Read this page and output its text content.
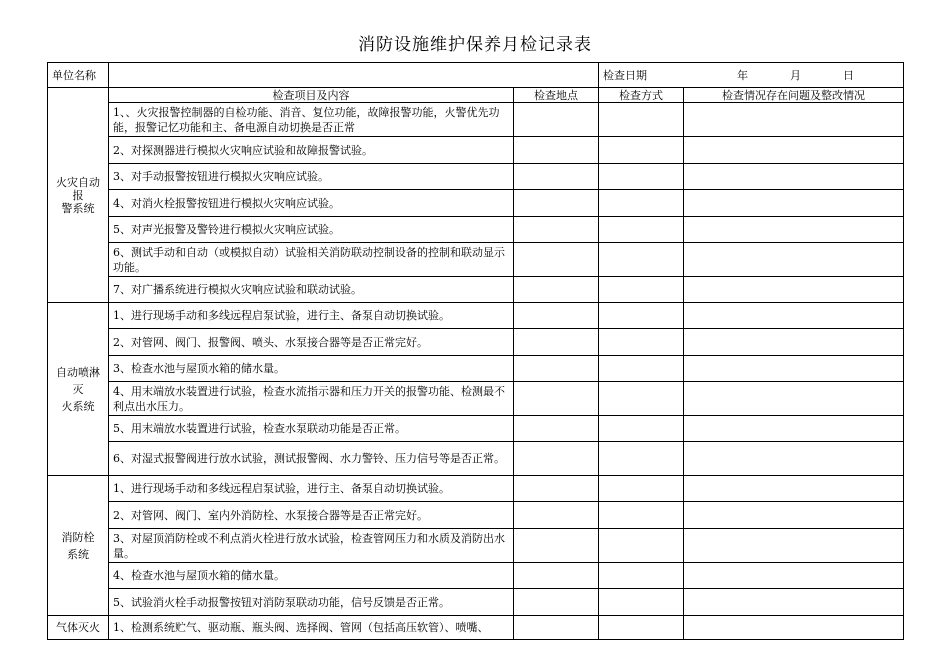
消防设施维护保养月检记录表
单位名称			检查日期 年 月 日	

火灾自动
报
警系统	检查项目及内容	检查地点	检查方式	检查情况存在问题及整改情况
	1、、火灾报警控制器的自检功能、消音、复位功能，故障报警功能，火警优先功能，报警记忆功能和主、备电源自动切换是否正常			
	2、对探测器进行模拟火灾响应试验和故障报警试验。			
	3、对手动报警按钮进行模拟火灾响应试验。			
	4、对消火栓报警按钮进行模拟火灾响应试验。			
	5、对声光报警及警铃进行模拟火灾响应试验。			
	6、测试手动和自动（或模拟自动）试验相关消防联动控制设备的控制和联动显示功能。			
	7、对广播系统进行模拟火灾响应试验和联动试验。			

自动喷淋
灭
火系统	1、进行现场手动和多线远程启泵试验，进行主、备泵自动切换试验。			
	2、对管网、阀门、报警阀、喷头、水泵接合器等是否正常完好。			
	3、检查水池与屋顶水箱的储水量。			
	4、用末端放水装置进行试验，检查水流指示器和压力开关的报警功能、检测最不利点出水压力。			
	5、用末端放水装置进行试验，检查水泵联动功能是否正常。			
	6、对湿式报警阀进行放水试验，测试报警阀、水力警铃、压力信号等是否正常。			

消防栓
系统	1、进行现场手动和多线远程启泵试验，进行主、备泵自动切换试验。			
	2、对管网、阀门、室内外消防栓、水泵接合器等是否正常完好。			
	3、对屋顶消防栓或不利点消火栓进行放水试验，检查管网压力和水质及消防出水量。			
	4、检查水池与屋顶水箱的储水量。			
	5、试验消火栓手动报警按钮对消防泵联动功能，信号反馈是否正常。			

气体灭火	1、检测系统贮气、驱动瓶、瓶头阀、选择阀、管网（包括高压软管）、喷嘴、			
